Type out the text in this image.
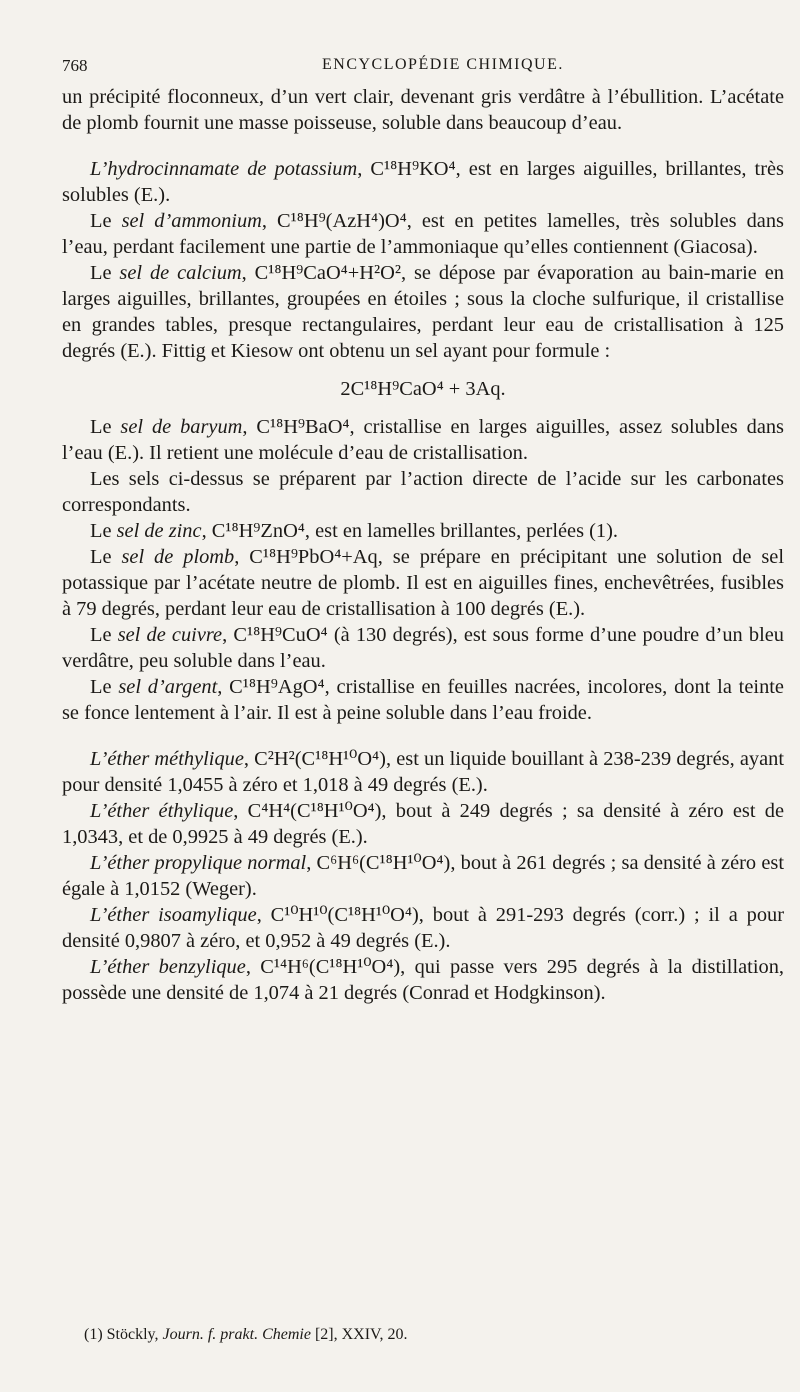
768	ENCYCLOPÉDIE CHIMIQUE.

un précipité floconneux, d’un vert clair, devenant gris verdâtre à l’ébullition. L’acétate de plomb fournit une masse poisseuse, soluble dans beaucoup d’eau.

L’hydrocinnamate de potassium, C¹⁸H⁹KO⁴, est en larges aiguilles, brillantes, très solubles (E.).

Le sel d’ammonium, C¹⁸H⁹(AzH⁴)O⁴, est en petites lamelles, très solubles dans l’eau, perdant facilement une partie de l’ammoniaque qu’elles contiennent (Giacosa).

Le sel de calcium, C¹⁸H⁹CaO⁴+H²O², se dépose par évaporation au bain-marie en larges aiguilles, brillantes, groupées en étoiles ; sous la cloche sulfurique, il cristallise en grandes tables, presque rectangulaires, perdant leur eau de cristallisation à 125 degrés (E.). Fittig et Kiesow ont obtenu un sel ayant pour formule :

2C¹⁸H⁹CaO⁴ + 3Aq.

Le sel de baryum, C¹⁸H⁹BaO⁴, cristallise en larges aiguilles, assez solubles dans l’eau (E.). Il retient une molécule d’eau de cristallisation.

Les sels ci-dessus se préparent par l’action directe de l’acide sur les carbonates correspondants.

Le sel de zinc, C¹⁸H⁹ZnO⁴, est en lamelles brillantes, perlées (1).

Le sel de plomb, C¹⁸H⁹PbO⁴+Aq, se prépare en précipitant une solution de sel potassique par l’acétate neutre de plomb. Il est en aiguilles fines, enchevêtrées, fusibles à 79 degrés, perdant leur eau de cristallisation à 100 degrés (E.).

Le sel de cuivre, C¹⁸H⁹CuO⁴ (à 130 degrés), est sous forme d’une poudre d’un bleu verdâtre, peu soluble dans l’eau.

Le sel d’argent, C¹⁸H⁹AgO⁴, cristallise en feuilles nacrées, incolores, dont la teinte se fonce lentement à l’air. Il est à peine soluble dans l’eau froide.

L’éther méthylique, C²H²(C¹⁸H¹⁰O⁴), est un liquide bouillant à 238-239 degrés, ayant pour densité 1,0455 à zéro et 1,018 à 49 degrés (E.).

L’éther éthylique, C⁴H⁴(C¹⁸H¹⁰O⁴), bout à 249 degrés ; sa densité à zéro est de 1,0343, et de 0,9925 à 49 degrés (E.).

L’éther propylique normal, C⁶H⁶(C¹⁸H¹⁰O⁴), bout à 261 degrés ; sa densité à zéro est égale à 1,0152 (Weger).

L’éther isoamylique, C¹⁰H¹⁰(C¹⁸H¹⁰O⁴), bout à 291-293 degrés (corr.) ; il a pour densité 0,9807 à zéro, et 0,952 à 49 degrés (E.).

L’éther benzylique, C¹⁴H⁶(C¹⁸H¹⁰O⁴), qui passe vers 295 degrés à la distillation, possède une densité de 1,074 à 21 degrés (Conrad et Hodgkinson).

(1) Stöckly, Journ. f. prakt. Chemie [2], XXIV, 20.
